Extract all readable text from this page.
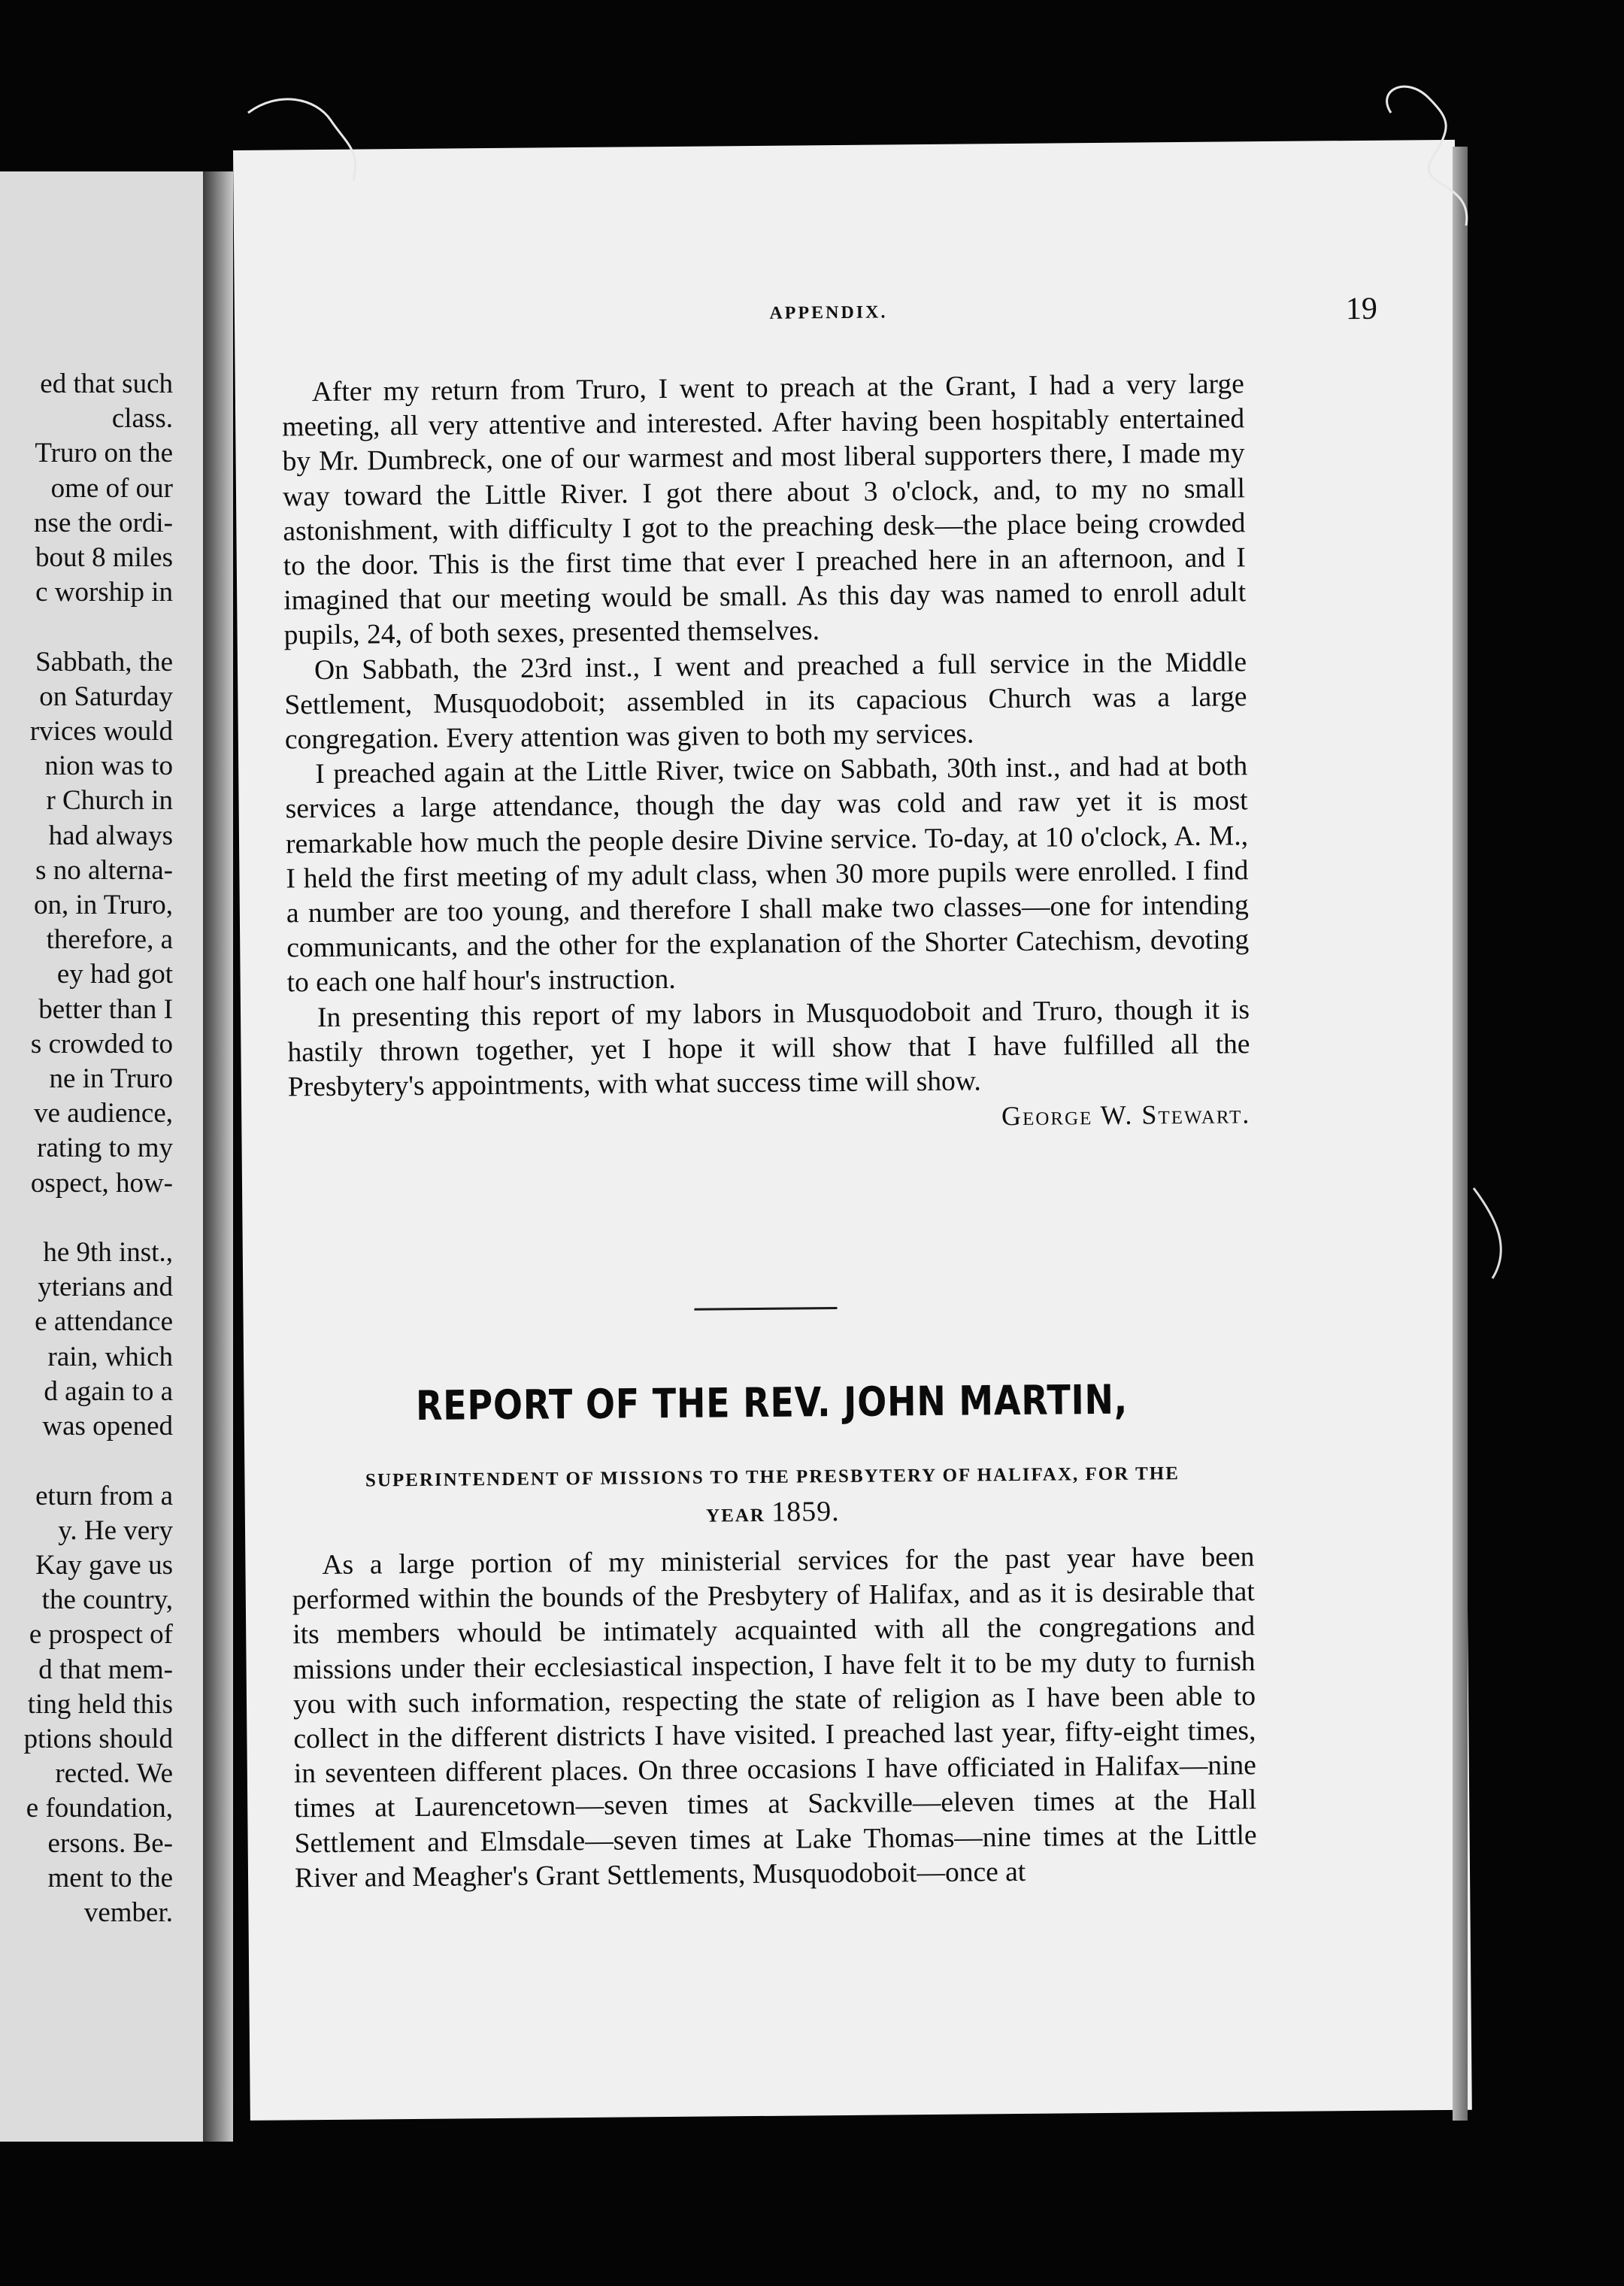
ed that such
class.
Truro on the
ome of our
nse the ordi-
bout 8 miles
c worship in

Sabbath, the
on Saturday
rvices would
nion was to
r Church in
had always
s no alterna-
on, in Truro,
therefore, a
ey had got
better than I
s crowded to
ne in Truro
ve audience,
rating to my
ospect, how-

he 9th inst.,
yterians and
e attendance
rain, which
d again to a
was opened

eturn from a
y. He very
Kay gave us
the country,
e prospect of
d that mem-
ting held this
ptions should
rected. We
e foundation,
ersons. Be-
ment to the
vember.
APPENDIX.	19

After my return from Truro, I went to preach at the Grant, I had a very large meeting, all very attentive and interested. After having been hospitably entertained by Mr. Dumbreck, one of our warmest and most liberal supporters there, I made my way toward the Little River. I got there about 3 o'clock, and, to my no small astonishment, with difficulty I got to the preaching desk—the place being crowded to the door. This is the first time that ever I preached here in an afternoon, and I imagined that our meeting would be small. As this day was named to enroll adult pupils, 24, of both sexes, presented themselves.

On Sabbath, the 23rd inst., I went and preached a full service in the Middle Settlement, Musquodoboit; assembled in its capacious Church was a large congregation. Every attention was given to both my services.

I preached again at the Little River, twice on Sabbath, 30th inst., and had at both services a large attendance, though the day was cold and raw yet it is most remarkable how much the people desire Divine service. To-day, at 10 o'clock, A. M., I held the first meeting of my adult class, when 30 more pupils were enrolled. I find a number are too young, and therefore I shall make two classes—one for intending communicants, and the other for the explanation of the Shorter Catechism, devoting to each one half hour's instruction.

In presenting this report of my labors in Musquodoboit and Truro, though it is hastily thrown together, yet I hope it will show that I have fulfilled all the Presbytery's appointments, with what success time will show.

George W. Stewart.
REPORT OF THE REV. JOHN MARTIN,
SUPERINTENDENT OF MISSIONS TO THE PRESBYTERY OF HALIFAX, FOR THE
YEAR 1859.

As a large portion of my ministerial services for the past year have been performed within the bounds of the Presbytery of Halifax, and as it is desirable that its members whould be intimately acquainted with all the congregations and missions under their ecclesiastical inspection, I have felt it to be my duty to furnish you with such information, respecting the state of religion as I have been able to collect in the different districts I have visited. I preached last year, fifty-eight times, in seventeen different places. On three occasions I have officiated in Halifax—nine times at Laurencetown—seven times at Sackville—eleven times at the Hall Settlement and Elmsdale—seven times at Lake Thomas—nine times at the Little River and Meagher's Grant Settlements, Musquodoboit—once at
